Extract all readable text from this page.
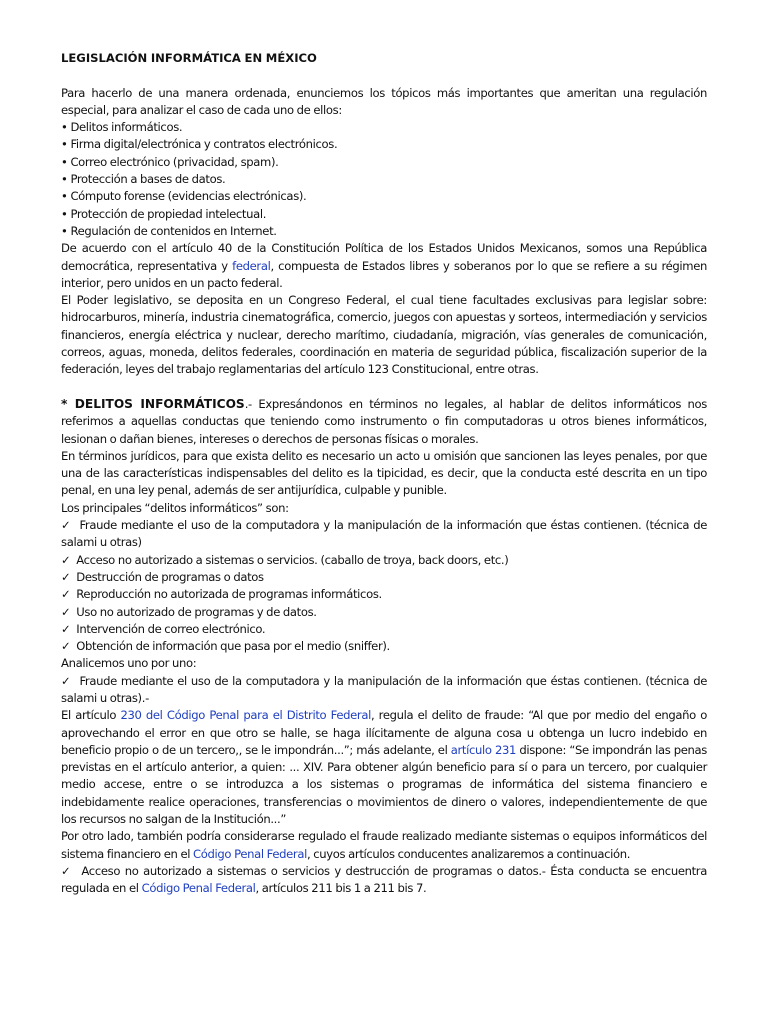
LEGISLACIÓN INFORMÁTICA EN MÉXICO

Para hacerlo de una manera ordenada, enunciemos los tópicos más importantes que ameritan una regulación especial, para analizar el caso de cada uno de ellos:

• Delitos informáticos.

• Firma digital/electrónica y contratos electrónicos.

• Correo electrónico (privacidad, spam).

• Protección a bases de datos.

• Cómputo forense (evidencias electrónicas).

• Protección de propiedad intelectual.

• Regulación de contenidos en Internet.

De acuerdo con el artículo 40 de la Constitución Política de los Estados Unidos Mexicanos, somos una República democrática, representativa y federal, compuesta de Estados libres y soberanos por lo que se refiere a su régimen interior, pero unidos en un pacto federal.

El Poder legislativo, se deposita en un Congreso Federal, el cual tiene facultades exclusivas para legislar sobre: hidrocarburos, minería, industria cinematográfica, comercio, juegos con apuestas y sorteos, intermediación y servicios financieros, energía eléctrica y nuclear, derecho marítimo, ciudadanía, migración, vías generales de comunicación, correos, aguas, moneda, delitos federales, coordinación en materia de seguridad pública, fiscalización superior de la federación, leyes del trabajo reglamentarias del artículo 123 Constitucional, entre otras.

* DELITOS INFORMÁTICOS.- Expresándonos en términos no legales, al hablar de delitos informáticos nos referimos a aquellas conductas que teniendo como instrumento o fin computadoras u otros bienes informáticos, lesionan o dañan bienes, intereses o derechos de personas físicas o morales.

En términos jurídicos, para que exista delito es necesario un acto u omisión que sancionen las leyes penales, por que una de las características indispensables del delito es la tipicidad, es decir, que la conducta esté descrita en un tipo penal, en una ley penal, además de ser antijurídica, culpable y punible.

Los principales “delitos informáticos” son:

✓  Fraude mediante el uso de la computadora y la manipulación de la información que éstas contienen. (técnica de salami u otras)

✓  Acceso no autorizado a sistemas o servicios. (caballo de troya, back doors, etc.)

✓  Destrucción de programas o datos

✓  Reproducción no autorizada de programas informáticos.

✓  Uso no autorizado de programas y de datos.

✓  Intervención de correo electrónico.

✓  Obtención de información que pasa por el medio (sniffer).

Analicemos uno por uno:

✓  Fraude mediante el uso de la computadora y la manipulación de la información que éstas contienen. (técnica de salami u otras).-

El artículo 230 del Código Penal para el Distrito Federal, regula el delito de fraude: “Al que por medio del engaño o aprovechando el error en que otro se halle, se haga ilícitamente de alguna cosa u obtenga un lucro indebido en beneficio propio o de un tercero,, se le impondrán...”; más adelante, el artículo 231 dispone: “Se impondrán las penas previstas en el artículo anterior, a quien: ... XIV. Para obtener algún beneficio para sí o para un tercero, por cualquier medio accese, entre o se introduzca a los sistemas o programas de informática del sistema financiero e indebidamente realice operaciones, transferencias o movimientos de dinero o valores, independientemente de que los recursos no salgan de la Institución...”

Por otro lado, también podría considerarse regulado el fraude realizado mediante sistemas o equipos informáticos del sistema financiero en el Código Penal Federal, cuyos artículos conducentes analizaremos a continuación.

✓  Acceso no autorizado a sistemas o servicios y destrucción de programas o datos.- Ésta conducta se encuentra regulada en el Código Penal Federal, artículos 211 bis 1 a 211 bis 7.
